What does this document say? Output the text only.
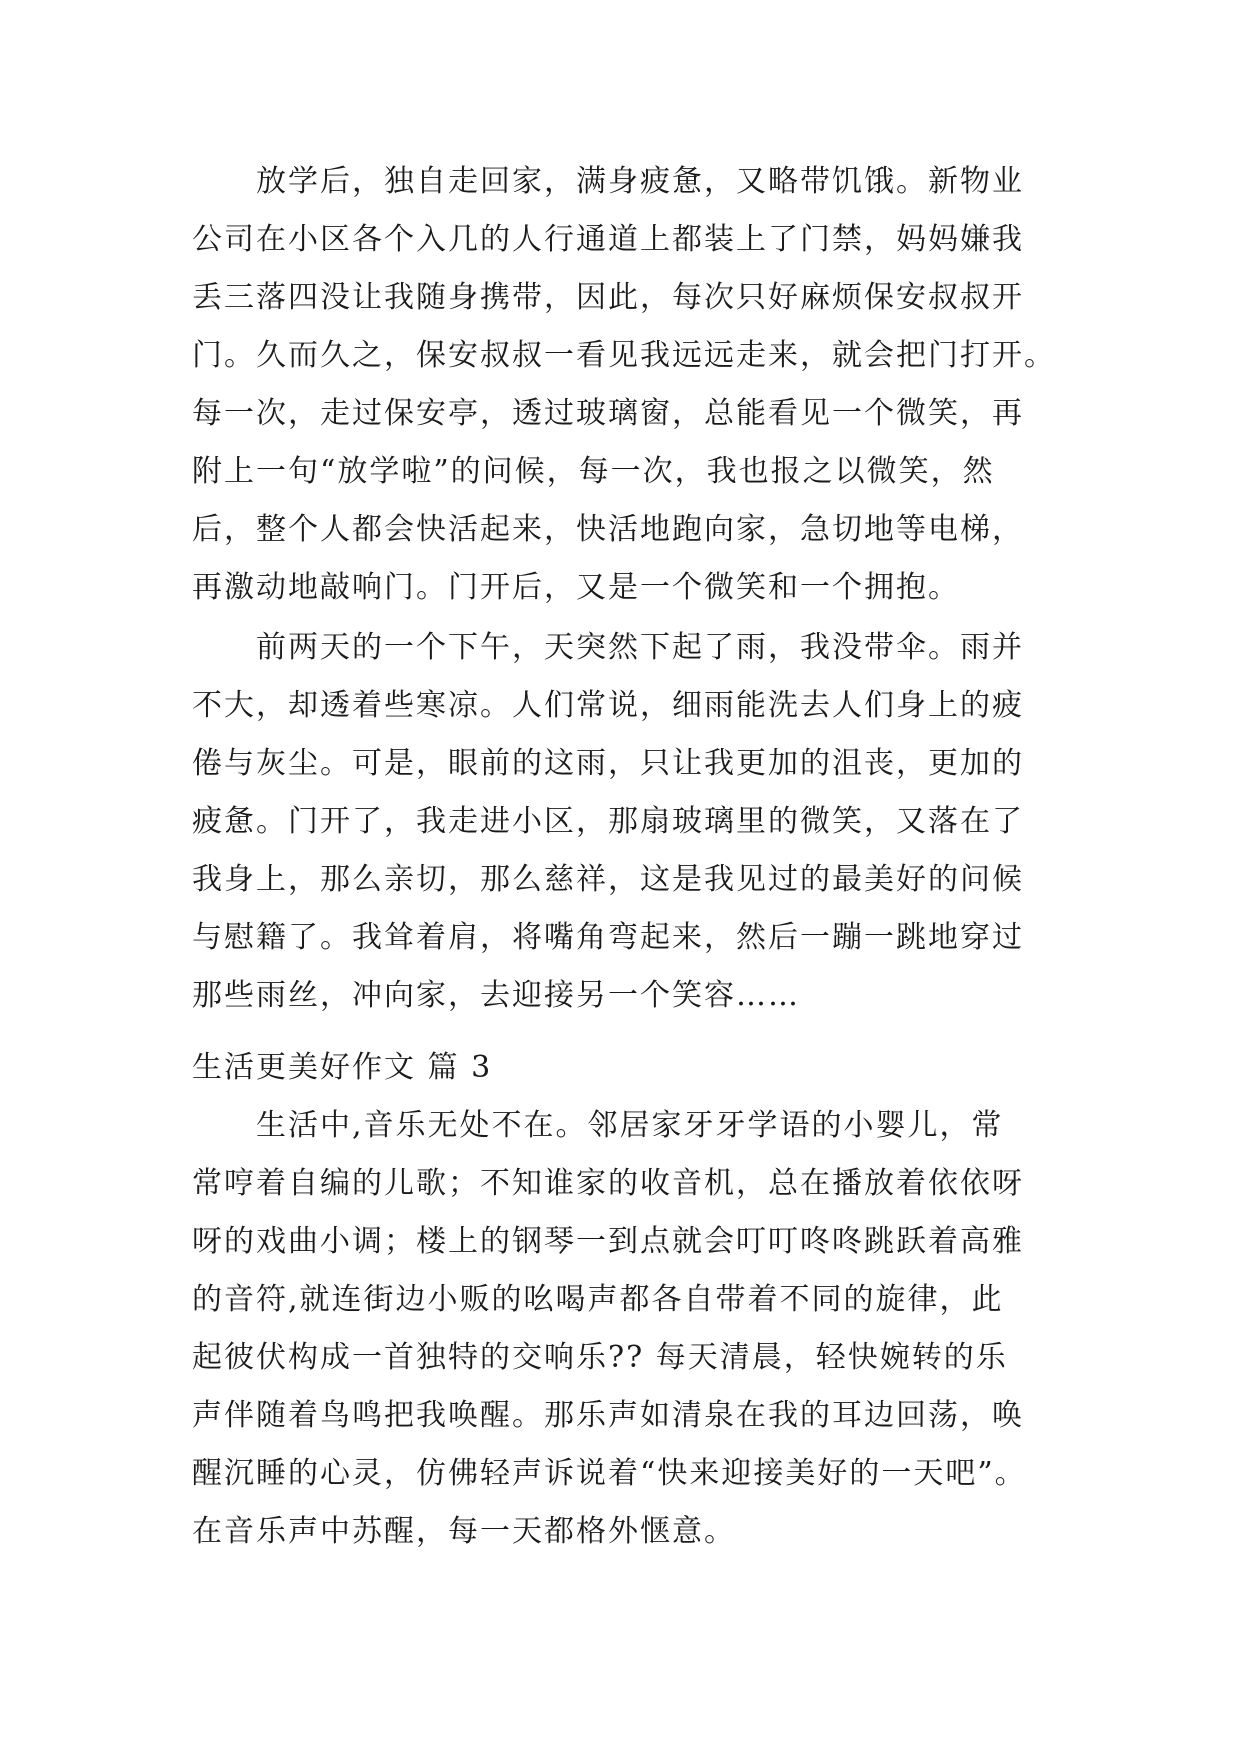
放学后，独自走回家，满身疲惫，又略带饥饿。新物业
公司在小区各个入几的人行通道上都装上了门禁，妈妈嫌我
丢三落四没让我随身携带，因此，每次只好麻烦保安叔叔开
门。久而久之，保安叔叔一看见我远远走来，就会把门打开。
每一次，走过保安亭，透过玻璃窗，总能看见一个微笑，再
附上一句“放学啦”的问候，每一次，我也报之以微笑，然
后，整个人都会快活起来，快活地跑向家，急切地等电梯，
再激动地敲响门。门开后，又是一个微笑和一个拥抱。
前两天的一个下午，天突然下起了雨，我没带伞。雨并
不大，却透着些寒凉。人们常说，细雨能洗去人们身上的疲
倦与灰尘。可是，眼前的这雨，只让我更加的沮丧，更加的
疲惫。门开了，我走进小区，那扇玻璃里的微笑，又落在了
我身上，那么亲切，那么慈祥，这是我见过的最美好的问候
与慰籍了。我耸着肩，将嘴角弯起来，然后一蹦一跳地穿过
那些雨丝，冲向家，去迎接另一个笑容……
生活更美好作文 篇 3
生活中,音乐无处不在。邻居家牙牙学语的小婴儿，常
常哼着自编的儿歌；不知谁家的收音机，总在播放着依依呀
呀的戏曲小调；楼上的钢琴一到点就会叮叮咚咚跳跃着高雅
的音符,就连街边小贩的吆喝声都各自带着不同的旋律，此
起彼伏构成一首独特的交响乐?? 每天清晨，轻快婉转的乐
声伴随着鸟鸣把我唤醒。那乐声如清泉在我的耳边回荡，唤
醒沉睡的心灵，仿佛轻声诉说着“快来迎接美好的一天吧”。
在音乐声中苏醒，每一天都格外惬意。
